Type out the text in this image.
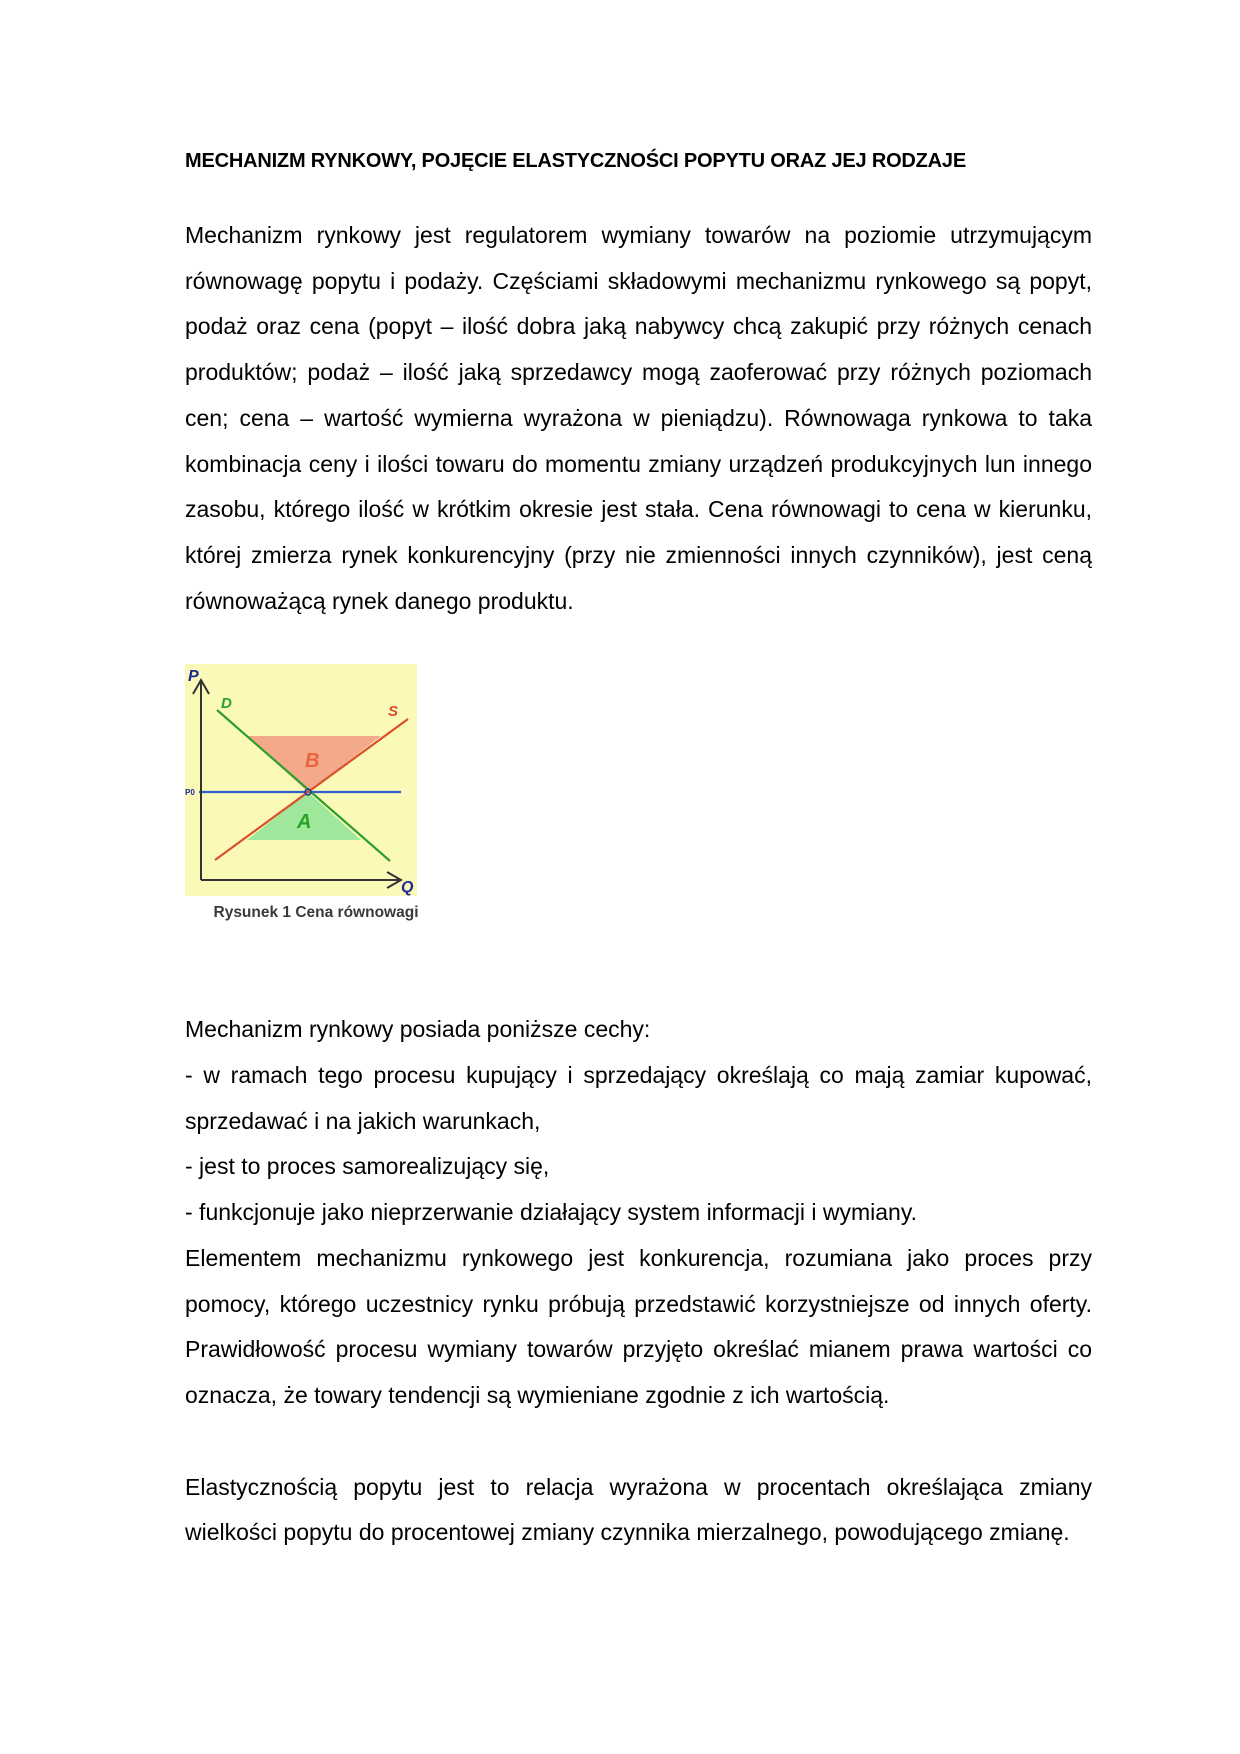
MECHANIZM RYNKOWY, POJĘCIE ELASTYCZNOŚCI POPYTU ORAZ JEJ RODZAJE

Mechanizm rynkowy jest regulatorem wymiany towarów na poziomie utrzymującym równowagę popytu i podaży. Częściami składowymi mechanizmu rynkowego są popyt, podaż oraz cena (popyt – ilość dobra jaką nabywcy chcą zakupić przy różnych cenach produktów; podaż – ilość jaką sprzedawcy mogą zaoferować przy różnych poziomach cen; cena – wartość wymierna wyrażona w pieniądzu). Równowaga rynkowa to taka kombinacja ceny i ilości towaru do momentu zmiany urządzeń produkcyjnych lun innego zasobu, którego ilość w krótkim okresie jest stała. Cena równowagi to cena w kierunku, której zmierza rynek konkurencyjny (przy nie zmienności innych czynników), jest ceną równoważącą rynek danego produktu.

P
Q
D	S
P0
B
A
Rysunek 1 Cena równowagi

Mechanizm rynkowy posiada poniższe cechy:

- w ramach tego procesu kupujący i sprzedający określają co mają zamiar kupować, sprzedawać i na jakich warunkach,

- jest to proces samorealizujący się,

- funkcjonuje jako nieprzerwanie działający system informacji i wymiany.

Elementem mechanizmu rynkowego jest konkurencja, rozumiana jako proces przy pomocy, którego uczestnicy rynku próbują przedstawić korzystniejsze od innych oferty. Prawidłowość procesu wymiany towarów przyjęto określać mianem prawa wartości co oznacza, że towary tendencji są wymieniane zgodnie z ich wartością.

Elastycznością popytu jest to relacja wyrażona w procentach określająca zmiany wielkości popytu do procentowej zmiany czynnika mierzalnego, powodującego zmianę.
